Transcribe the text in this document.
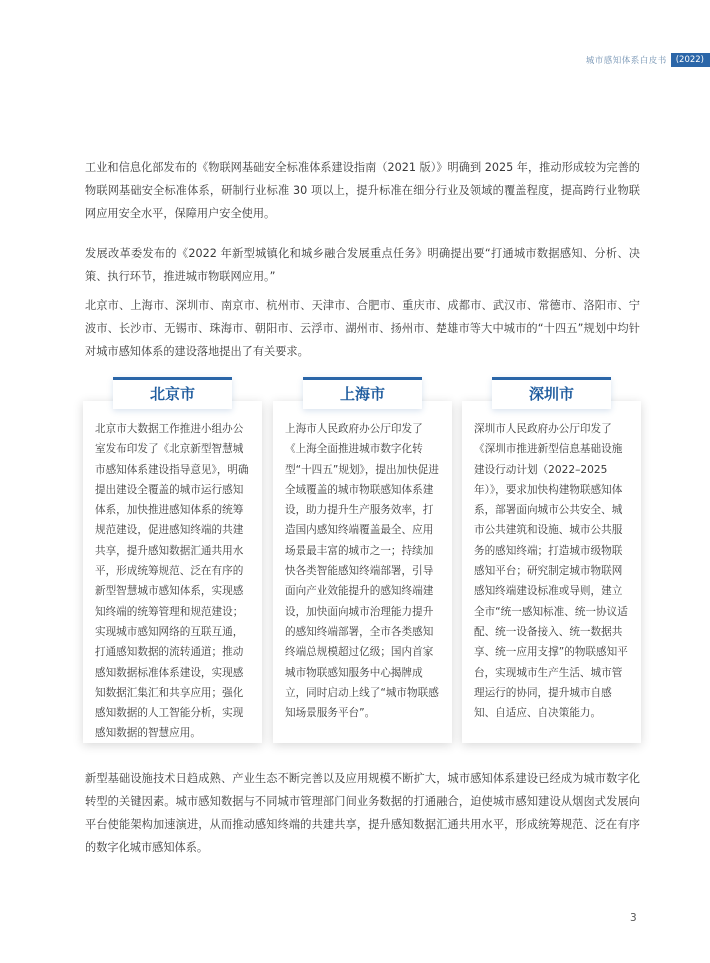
城市感知体系白皮书	(2022)

工业和信息化部发布的《物联网基础安全标准体系建设指南（2021 版）》明确到 2025 年，推动形成较为完善的物联网基础安全标准体系，研制行业标准 30 项以上，提升标准在细分行业及领域的覆盖程度，提高跨行业物联网应用安全水平，保障用户安全使用。

发展改革委发布的《2022 年新型城镇化和城乡融合发展重点任务》明确提出要“打通城市数据感知、分析、决策、执行环节，推进城市物联网应用。”

北京市、上海市、深圳市、南京市、杭州市、天津市、合肥市、重庆市、成都市、武汉市、常德市、洛阳市、宁波市、长沙市、无锡市、珠海市、朝阳市、云浮市、湖州市、扬州市、楚雄市等大中城市的“十四五”规划中均针对城市感知体系的建设落地提出了有关要求。

北京市
北京市大数据工作推进小组办公室发布印发了《北京新型智慧城市感知体系建设指导意见》，明确提出建设全覆盖的城市运行感知体系，加快推进感知体系的统筹规范建设，促进感知终端的共建共享，提升感知数据汇通共用水平，形成统筹规范、泛在有序的新型智慧城市感知体系，实现感知终端的统筹管理和规范建设；实现城市感知网络的互联互通，打通感知数据的流转通道；推动感知数据标准体系建设，实现感知数据汇集汇和共享应用；强化感知数据的人工智能分析，实现感知数据的智慧应用。
上海市
上海市人民政府办公厅印发了《上海全面推进城市数字化转型“十四五”规划》，提出加快促进全域覆盖的城市物联感知体系建设，助力提升生产服务效率，打造国内感知终端覆盖最全、应用场景最丰富的城市之一；持续加快各类智能感知终端部署，引导面向产业效能提升的感知终端建设，加快面向城市治理能力提升的感知终端部署，全市各类感知终端总规模超过亿级；国内首家城市物联感知服务中心揭牌成立，同时启动上线了“城市物联感知场景服务平台”。
深圳市
深圳市人民政府办公厅印发了《深圳市推进新型信息基础设施建设行动计划（2022–2025 年）》，要求加快构建物联感知体系，部署面向城市公共安全、城市公共建筑和设施、城市公共服务的感知终端；打造城市级物联感知平台；研究制定城市物联网感知终端建设标准或导则，建立全市“统一感知标准、统一协议适配、统一设备接入、统一数据共享、统一应用支撑”的物联感知平台，实现城市生产生活、城市管理运行的协同，提升城市自感知、自适应、自决策能力。

新型基础设施技术日趋成熟、产业生态不断完善以及应用规模不断扩大，城市感知体系建设已经成为城市数字化转型的关键因素。城市感知数据与不同城市管理部门间业务数据的打通融合，迫使城市感知建设从烟囱式发展向平台使能架构加速演进，从而推动感知终端的共建共享，提升感知数据汇通共用水平，形成统筹规范、泛在有序的数字化城市感知体系。

3
